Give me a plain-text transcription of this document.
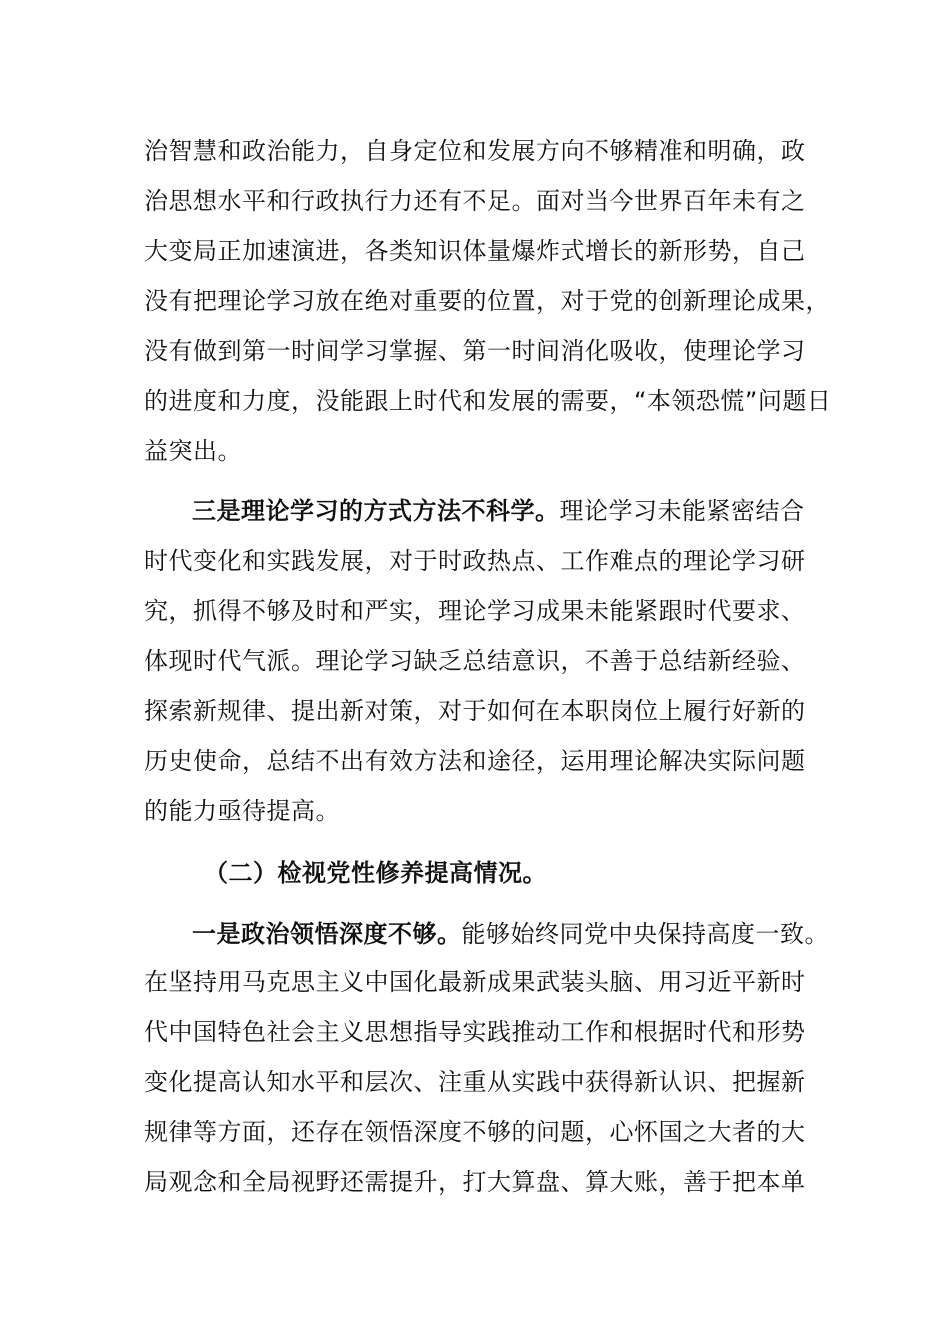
治智慧和政治能力，自身定位和发展方向不够精准和明确，政
治思想水平和行政执行力还有不足。面对当今世界百年未有之
大变局正加速演进，各类知识体量爆炸式增长的新形势，自己
没有把理论学习放在绝对重要的位置，对于党的创新理论成果，
没有做到第一时间学习掌握、第一时间消化吸收，使理论学习
的进度和力度，没能跟上时代和发展的需要，“本领恐慌”问题日
益突出。
三是理论学习的方式方法不科学。理论学习未能紧密结合
时代变化和实践发展，对于时政热点、工作难点的理论学习研
究，抓得不够及时和严实，理论学习成果未能紧跟时代要求、
体现时代气派。理论学习缺乏总结意识，不善于总结新经验、
探索新规律、提出新对策，对于如何在本职岗位上履行好新的
历史使命，总结不出有效方法和途径，运用理论解决实际问题
的能力亟待提高。
（二）检视党性修养提高情况。
一是政治领悟深度不够。能够始终同党中央保持高度一致。
在坚持用马克思主义中国化最新成果武装头脑、用习近平新时
代中国特色社会主义思想指导实践推动工作和根据时代和形势
变化提高认知水平和层次、注重从实践中获得新认识、把握新
规律等方面，还存在领悟深度不够的问题，心怀国之大者的大
局观念和全局视野还需提升，打大算盘、算大账，善于把本单
